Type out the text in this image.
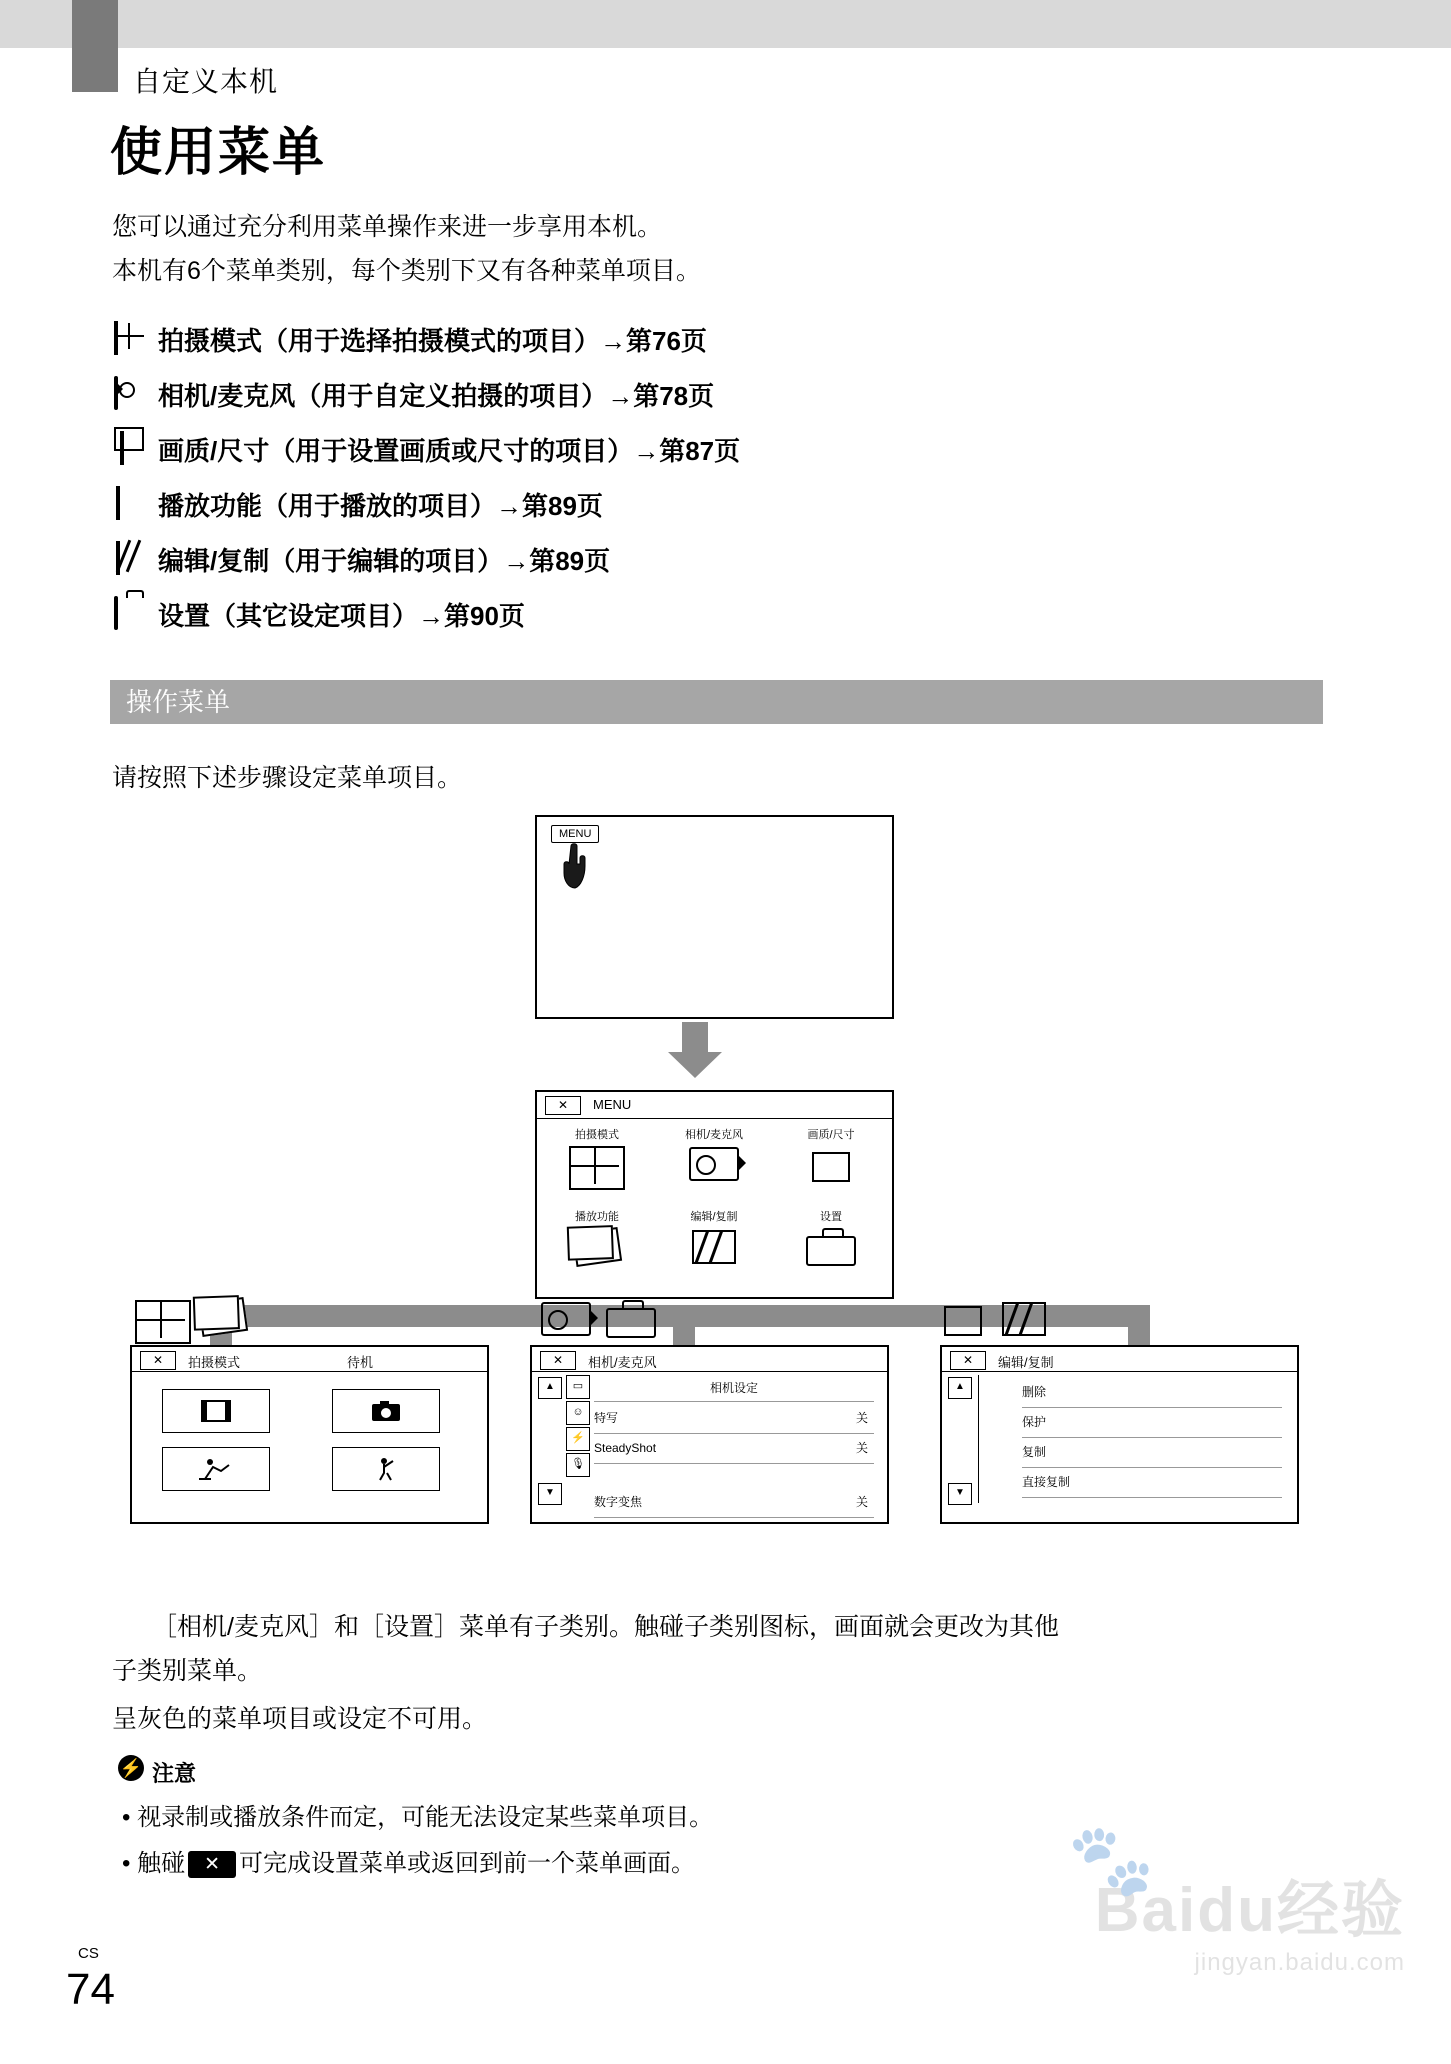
自定义本机
使用菜单
您可以通过充分利用菜单操作来进一步享用本机。
本机有6个菜单类别，每个类别下又有各种菜单项目。
拍摄模式（用于选择拍摄模式的项目）→第76页
相机/麦克风（用于自定义拍摄的项目）→第78页
画质/尺寸（用于设置画质或尺寸的项目）→第87页
播放功能（用于播放的项目）→第89页
编辑/复制（用于编辑的项目）→第89页
设置（其它设定项目）→第90页
操作菜单
请按照下述步骤设定菜单项目。
MENU
✕	MENU
拍摄模式	相机/麦克风	画质/尺寸
播放功能	编辑/复制	设置

✕	拍摄模式	待机	✕	相机/麦克风
▲
▼
▭
☺
⚡
🎙
相机设定
特写	关
SteadyShot	关
数字变焦	关
✕	编辑/复制
▲
▼
删除
保护
复制
直接复制
［相机/麦克风］和［设置］菜单有子类别。触碰子类别图标，画面就会更改为其他
子类别菜单。
呈灰色的菜单项目或设定不可用。
⚡ 注意
• 视录制或播放条件而定，可能无法设定某些菜单项目。
• 触碰 ✕ 可完成设置菜单或返回到前一个菜单画面。	🐾
Baidu经验
jingyan.baidu.com
CS
74
